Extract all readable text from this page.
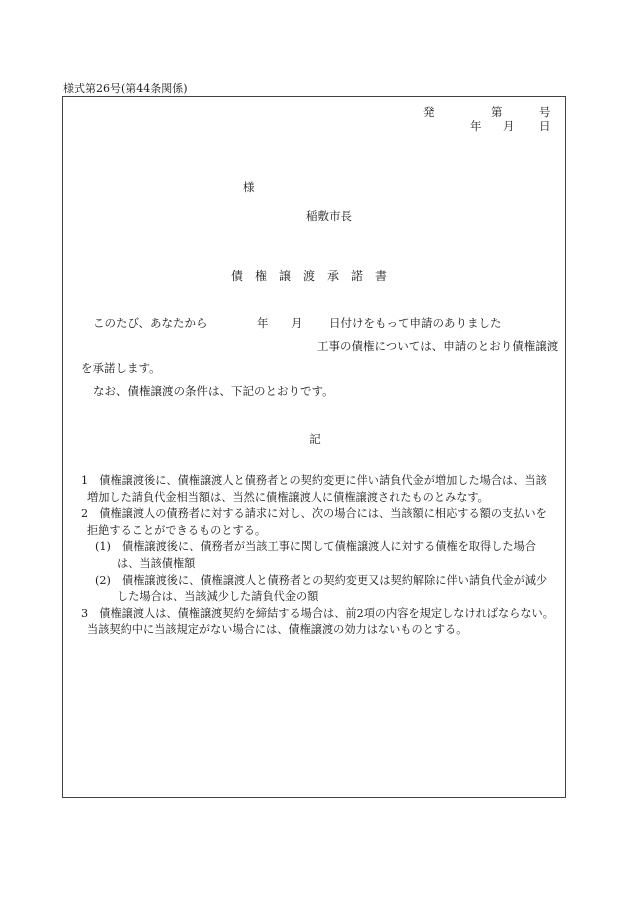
様式第26号(第44条関係)
発	第	号
年 月 日
様
稲敷市長
債権譲渡承諾書
このたび、あなたから	年 月 日付けをもって申請のありました
工事の債権については、申請のとおり債権譲渡
を承諾します。
なお、債権譲渡の条件は、下記のとおりです。
記
1　債権譲渡後に、債権譲渡人と債務者との契約変更に伴い請負代金が増加した場合は、当該
増加した請負代金相当額は、当然に債権譲渡人に債権譲渡されたものとみなす。
2　債権譲渡人の債務者に対する請求に対し、次の場合には、当該額に相応する額の支払いを
拒絶することができるものとする。
(1)　債権譲渡後に、債務者が当該工事に関して債権譲渡人に対する債権を取得した場合
は、当該債権額
(2)　債権譲渡後に、債権譲渡人と債務者との契約変更又は契約解除に伴い請負代金が減少
した場合は、当該減少した請負代金の額
3　債権譲渡人は、債権譲渡契約を締結する場合は、前2項の内容を規定しなければならない。
当該契約中に当該規定がない場合には、債権譲渡の効力はないものとする。
